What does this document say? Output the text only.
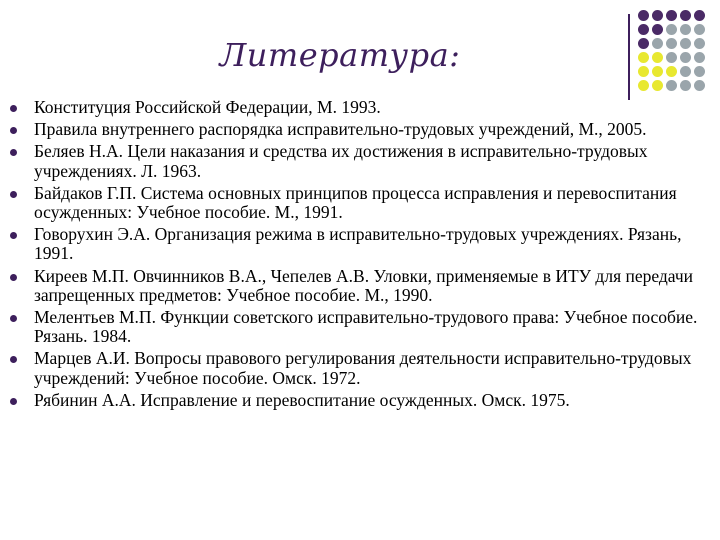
Литература:
Конституция Российской Федерации, М. 1993.
Правила внутреннего распорядка исправительно-трудовых учреждений, М., 2005.
Беляев Н.А. Цели наказания и средства их достижения в исправительно-трудовых учреждениях. Л. 1963.
Байдаков Г.П. Система основных принципов процесса исправления и перевоспитания осужденных: Учебное пособие. М., 1991.
Говорухин Э.А. Организация режима в исправительно-трудовых учреждениях. Рязань, 1991.
Киреев М.П. Овчинников В.А., Чепелев А.В. Уловки, применяемые в ИТУ для передачи запрещенных предметов: Учебное пособие. М., 1990.
Мелентьев М.П. Функции советского исправительно-трудового права: Учебное пособие. Рязань. 1984.
Марцев А.И. Вопросы правового регулирования деятельности исправительно-трудовых учреждений: Учебное пособие. Омск. 1972.
Рябинин А.А. Исправление и перевоспитание осужденных. Омск. 1975.
